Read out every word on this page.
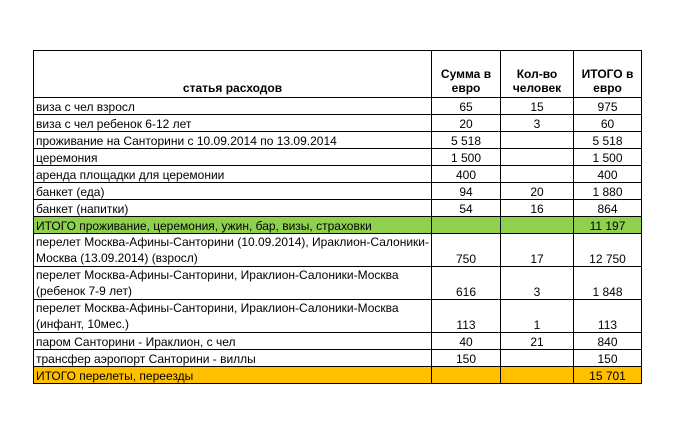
статья расходов	Сумма в евро	Кол-во человек	ИТОГО в евро
виза с чел взросл	65	15	975
виза с чел ребенок 6-12 лет	20	3	60
проживание на Санторини с 10.09.2014 по 13.09.2014	5 518		5 518
церемония	1 500		1 500
аренда площадки для церемонии	400		400
банкет (еда)	94	20	1 880
банкет (напитки)	54	16	864
ИТОГО проживание, церемония, ужин, бар, визы, страховки			11 197
перелет Москва-Афины-Санторини (10.09.2014), Ираклион-Салоники-Москва (13.09.2014) (взросл)	750	17	12 750
перелет Москва-Афины-Санторини, Ираклион-Салоники-Москва (ребенок 7-9 лет)	616	3	1 848
перелет Москва-Афины-Санторини, Ираклион-Салоники-Москва (инфант, 10мес.)	113	1	113
паром Санторини - Ираклион, с чел	40	21	840
трансфер аэропорт Санторини - виллы	150		150
ИТОГО перелеты, переезды			15 701
